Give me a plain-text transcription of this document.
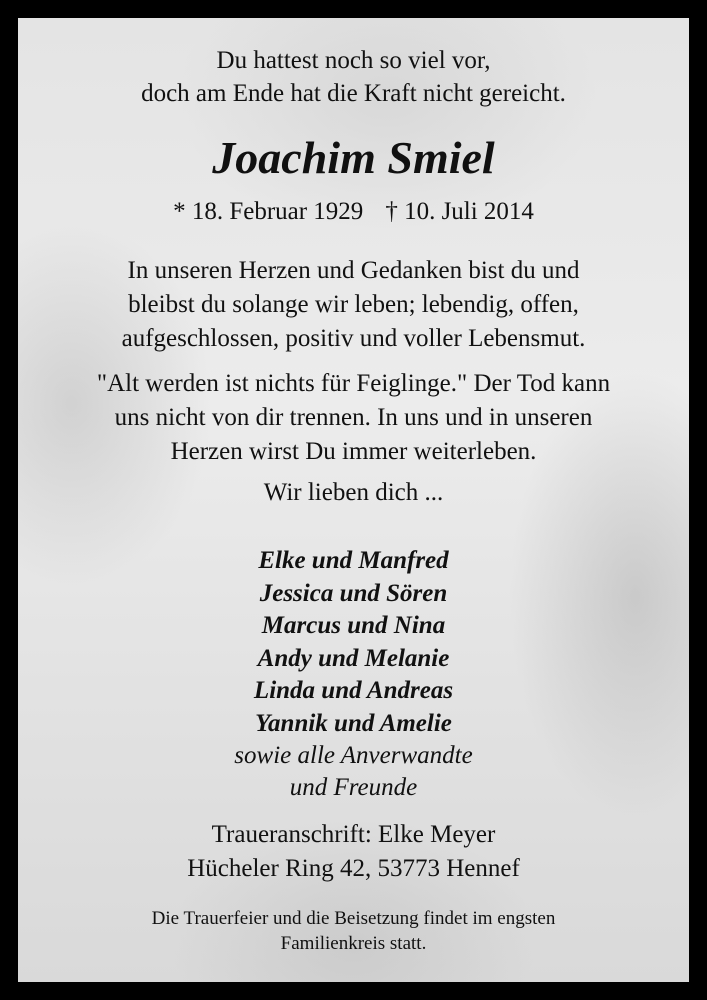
Du hattest noch so viel vor,
doch am Ende hat die Kraft nicht gereicht.
Joachim Smiel
* 18. Februar 1929 † 10. Juli 2014
In unseren Herzen und Gedanken bist du und
bleibst du solange wir leben; lebendig, offen,
aufgeschlossen, positiv und voller Lebensmut.
"Alt werden ist nichts für Feiglinge." Der Tod kann
uns nicht von dir trennen. In uns und in unseren
Herzen wirst Du immer weiterleben.
Wir lieben dich ...
Elke und Manfred
Jessica und Sören
Marcus und Nina
Andy und Melanie
Linda und Andreas
Yannik und Amelie
sowie alle Anverwandte
und Freunde
Traueranschrift: Elke Meyer
Hücheler Ring 42, 53773 Hennef
Die Trauerfeier und die Beisetzung findet im engsten
Familienkreis statt.
